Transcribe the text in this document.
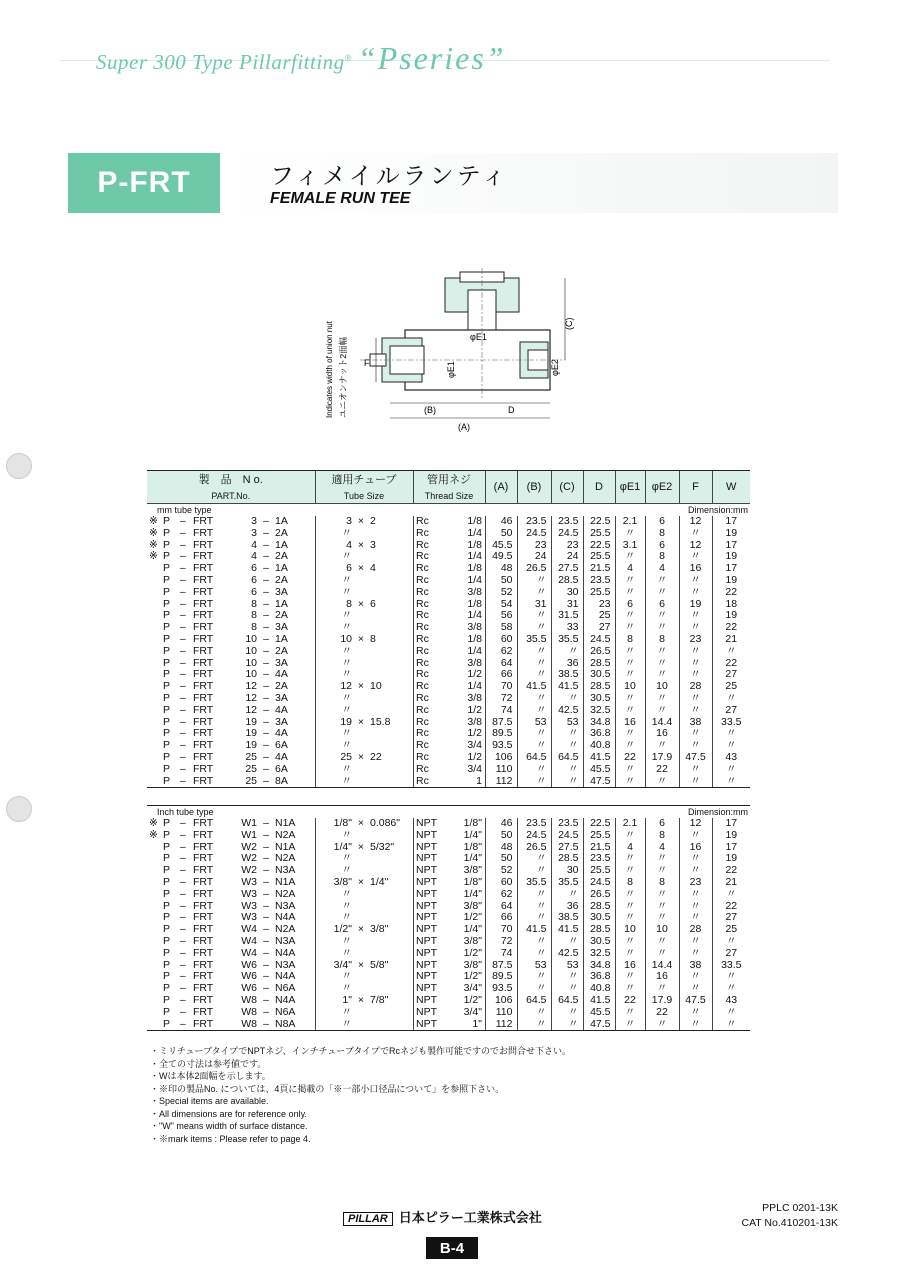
Super 300 Type Pillarfitting® “Pseries”
P-FRT	フィメイルランティ
FEMALE RUN TEE
Indicates width of union nut ユニオンナット2面幅 F
φE1
φE1	φE2
(C)
(B)	D
(A)
製　品　N o.	適用チューブ	管用ネジ	(A)	(B)	(C)	D	φE1	φE2	F	W
PART.No.	Tube Size	Thread Size								
mm tube type						Dimension:mm				
※ P – FRT 3 – 1A	3 × 2	Rc 1/8	46	23.5	23.5	22.5	2.1	6	12	17
※ P – FRT 3 – 2A	〃	Rc 1/4	50	24.5	24.5	25.5	〃	8	〃	19
※ P – FRT 4 – 1A	4 × 3	Rc 1/8	45.5	23	23	22.5	3.1	6	12	17
※ P – FRT 4 – 2A	〃	Rc 1/4	49.5	24	24	25.5	〃	8	〃	19
P – FRT 6 – 1A	6 × 4	Rc 1/8	48	26.5	27.5	21.5	4	4	16	17
P – FRT 6 – 2A	〃	Rc 1/4	50	〃	28.5	23.5	〃	〃	〃	19
P – FRT 6 – 3A	〃	Rc 3/8	52	〃	30	25.5	〃	〃	〃	22
P – FRT 8 – 1A	8 × 6	Rc 1/8	54	31	31	23	6	6	19	18
P – FRT 8 – 2A	〃	Rc 1/4	56	〃	31.5	25	〃	〃	〃	19
P – FRT 8 – 3A	〃	Rc 3/8	58	〃	33	27	〃	〃	〃	22
P – FRT 10 – 1A	10 × 8	Rc 1/8	60	35.5	35.5	24.5	8	8	23	21
P – FRT 10 – 2A	〃	Rc 1/4	62	〃	〃	26.5	〃	〃	〃	〃
P – FRT 10 – 3A	〃	Rc 3/8	64	〃	36	28.5	〃	〃	〃	22
P – FRT 10 – 4A	〃	Rc 1/2	66	〃	38.5	30.5	〃	〃	〃	27
P – FRT 12 – 2A	12 × 10	Rc 1/4	70	41.5	41.5	28.5	10	10	28	25
P – FRT 12 – 3A	〃	Rc 3/8	72	〃	〃	30.5	〃	〃	〃	〃
P – FRT 12 – 4A	〃	Rc 1/2	74	〃	42.5	32.5	〃	〃	〃	27
P – FRT 19 – 3A	19 × 15.8	Rc 3/8	87.5	53	53	34.8	16	14.4	38	33.5
P – FRT 19 – 4A	〃	Rc 1/2	89.5	〃	〃	36.8	〃	16	〃	〃
P – FRT 19 – 6A	〃	Rc 3/4	93.5	〃	〃	40.8	〃	〃	〃	〃
P – FRT 25 – 4A	25 × 22	Rc 1/2	106	64.5	64.5	41.5	22	17.9	47.5	43
P – FRT 25 – 6A	〃	Rc 3/4	110	〃	〃	45.5	〃	22	〃	〃
P – FRT 25 – 8A	〃	Rc 1	112	〃	〃	47.5	〃	〃	〃	〃
Inch tube type						Dimension:mm				
※ P – FRT W1 – N1A	1/8" × 0.086"	NPT 1/8"	46	23.5	23.5	22.5	2.1	6	12	17
※ P – FRT W1 – N2A	〃	NPT 1/4"	50	24.5	24.5	25.5	〃	8	〃	19
P – FRT W2 – N1A	1/4" × 5/32"	NPT 1/8"	48	26.5	27.5	21.5	4	4	16	17
P – FRT W2 – N2A	〃	NPT 1/4"	50	〃	28.5	23.5	〃	〃	〃	19
P – FRT W2 – N3A	〃	NPT 3/8"	52	〃	30	25.5	〃	〃	〃	22
P – FRT W3 – N1A	3/8" × 1/4"	NPT 1/8"	60	35.5	35.5	24.5	8	8	23	21
P – FRT W3 – N2A	〃	NPT 1/4"	62	〃	〃	26.5	〃	〃	〃	〃
P – FRT W3 – N3A	〃	NPT 3/8"	64	〃	36	28.5	〃	〃	〃	22
P – FRT W3 – N4A	〃	NPT 1/2"	66	〃	38.5	30.5	〃	〃	〃	27
P – FRT W4 – N2A	1/2" × 3/8"	NPT 1/4"	70	41.5	41.5	28.5	10	10	28	25
P – FRT W4 – N3A	〃	NPT 3/8"	72	〃	〃	30.5	〃	〃	〃	〃
P – FRT W4 – N4A	〃	NPT 1/2"	74	〃	42.5	32.5	〃	〃	〃	27
P – FRT W6 – N3A	3/4" × 5/8"	NPT 3/8"	87.5	53	53	34.8	16	14.4	38	33.5
P – FRT W6 – N4A	〃	NPT 1/2"	89.5	〃	〃	36.8	〃	16	〃	〃
P – FRT W6 – N6A	〃	NPT 3/4"	93.5	〃	〃	40.8	〃	〃	〃	〃
P – FRT W8 – N4A	1" × 7/8"	NPT 1/2"	106	64.5	64.5	41.5	22	17.9	47.5	43
P – FRT W8 – N6A	〃	NPT 3/4"	110	〃	〃	45.5	〃	22	〃	〃
P – FRT W8 – N8A	〃	NPT 1"	112	〃	〃	47.5	〃	〃	〃	〃
・ミリチューブタイプでNPTネジ、インチチューブタイプでRcネジも製作可能ですのでお問合せ下さい。
・全ての寸法は参考値です。
・Wは本体2面幅を示します。
・※印の製品No. については、4頁に掲載の「※一部小口径品について」を参照下さい。
・Special items are available.
・All dimensions are for reference only.
・"W" means width of surface distance.
・※mark items : Please refer to page 4.
PILLAR 日本ピラー工業株式会社
PPLC 0201-13K
CAT No.410201-13K
B-4
